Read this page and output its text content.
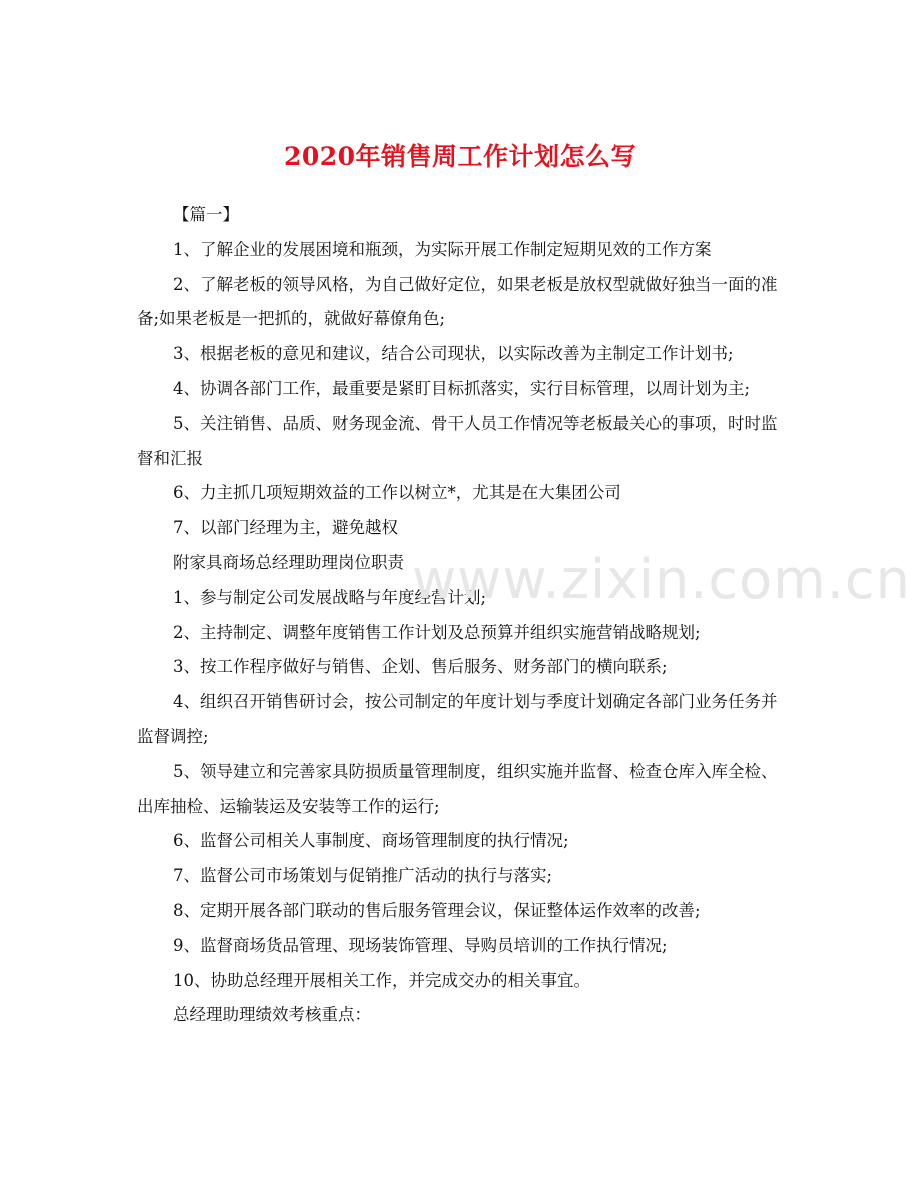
2020年销售周工作计划怎么写

【篇一】

1、了解企业的发展困境和瓶颈，为实际开展工作制定短期见效的工作方案

2、了解老板的领导风格，为自己做好定位，如果老板是放权型就做好独当一面的准备;如果老板是一把抓的，就做好幕僚角色;

3、根据老板的意见和建议，结合公司现状，以实际改善为主制定工作计划书;

4、协调各部门工作，最重要是紧盯目标抓落实，实行目标管理，以周计划为主;

5、关注销售、品质、财务现金流、骨干人员工作情况等老板最关心的事项，时时监督和汇报

6、力主抓几项短期效益的工作以树立*，尤其是在大集团公司

7、以部门经理为主，避免越权

附家具商场总经理助理岗位职责

1、参与制定公司发展战略与年度经营计划;

2、主持制定、调整年度销售工作计划及总预算并组织实施营销战略规划;

3、按工作程序做好与销售、企划、售后服务、财务部门的横向联系;

4、组织召开销售研讨会，按公司制定的年度计划与季度计划确定各部门业务任务并监督调控;

5、领导建立和完善家具防损质量管理制度，组织实施并监督、检查仓库入库全检、出库抽检、运输装运及安装等工作的运行;

6、监督公司相关人事制度、商场管理制度的执行情况;

7、监督公司市场策划与促销推广活动的执行与落实;

8、定期开展各部门联动的售后服务管理会议，保证整体运作效率的改善;

9、监督商场货品管理、现场装饰管理、导购员培训的工作执行情况;

10、协助总经理开展相关工作，并完成交办的相关事宜。

总经理助理绩效考核重点：

www.zixin.com.cn
